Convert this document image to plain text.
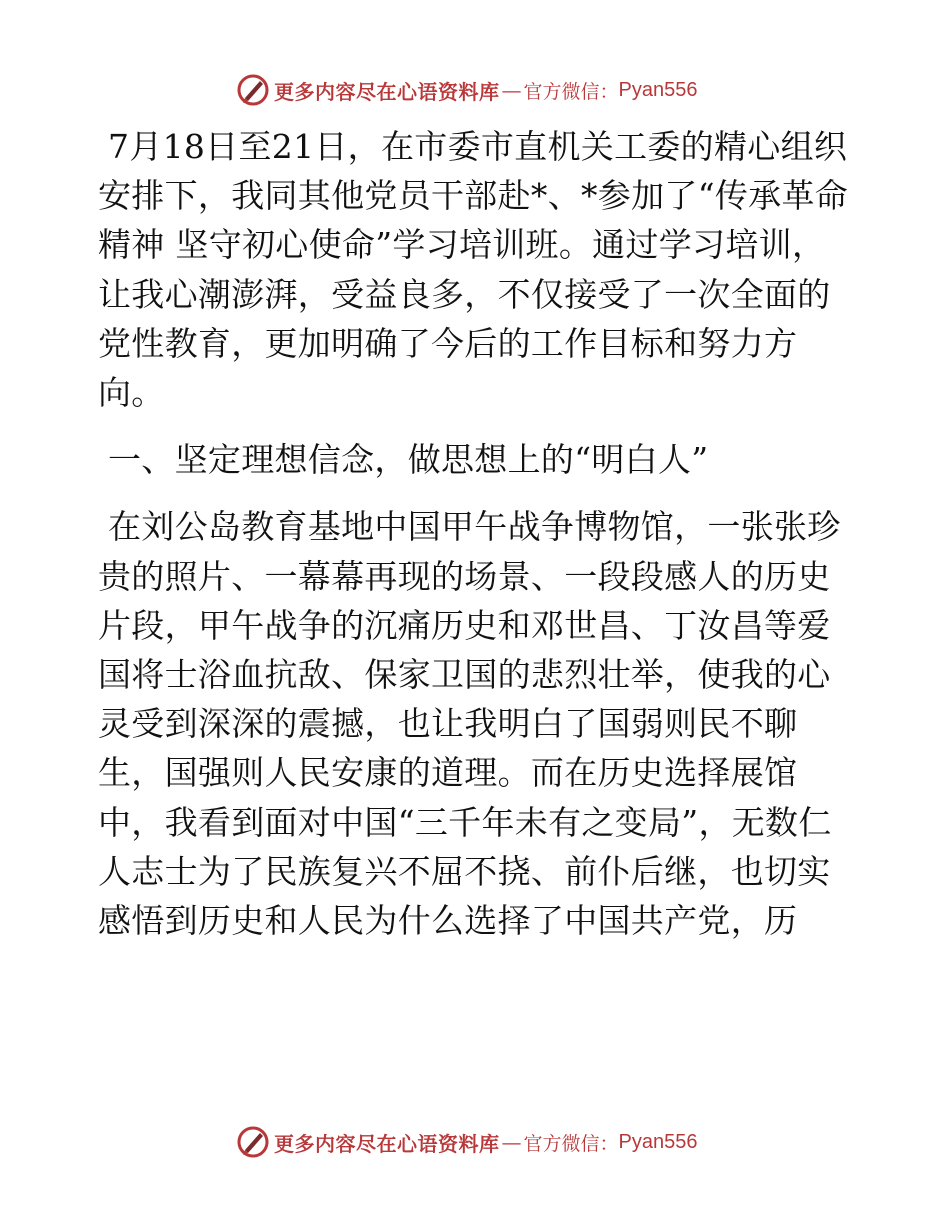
更多内容尽在心语资料库 — 官方微信： Pyan556

7月18日至21日，在市委市直机关工委的精心组织安排下，我同其他党员干部赴*、*参加了“传承革命精神 坚守初心使命”学习培训班。通过学习培训，让我心潮澎湃，受益良多，不仅接受了一次全面的党性教育，更加明确了今后的工作目标和努力方向。

一、坚定理想信念，做思想上的“明白人”

在刘公岛教育基地中国甲午战争博物馆，一张张珍贵的照片、一幕幕再现的场景、一段段感人的历史片段，甲午战争的沉痛历史和邓世昌、丁汝昌等爱国将士浴血抗敌、保家卫国的悲烈壮举，使我的心灵受到深深的震撼，也让我明白了国弱则民不聊生，国强则人民安康的道理。而在历史选择展馆中，我看到面对中国“三千年未有之变局”，无数仁人志士为了民族复兴不屈不挠、前仆后继，也切实感悟到历史和人民为什么选择了中国共产党，历

更多内容尽在心语资料库 — 官方微信： Pyan556
